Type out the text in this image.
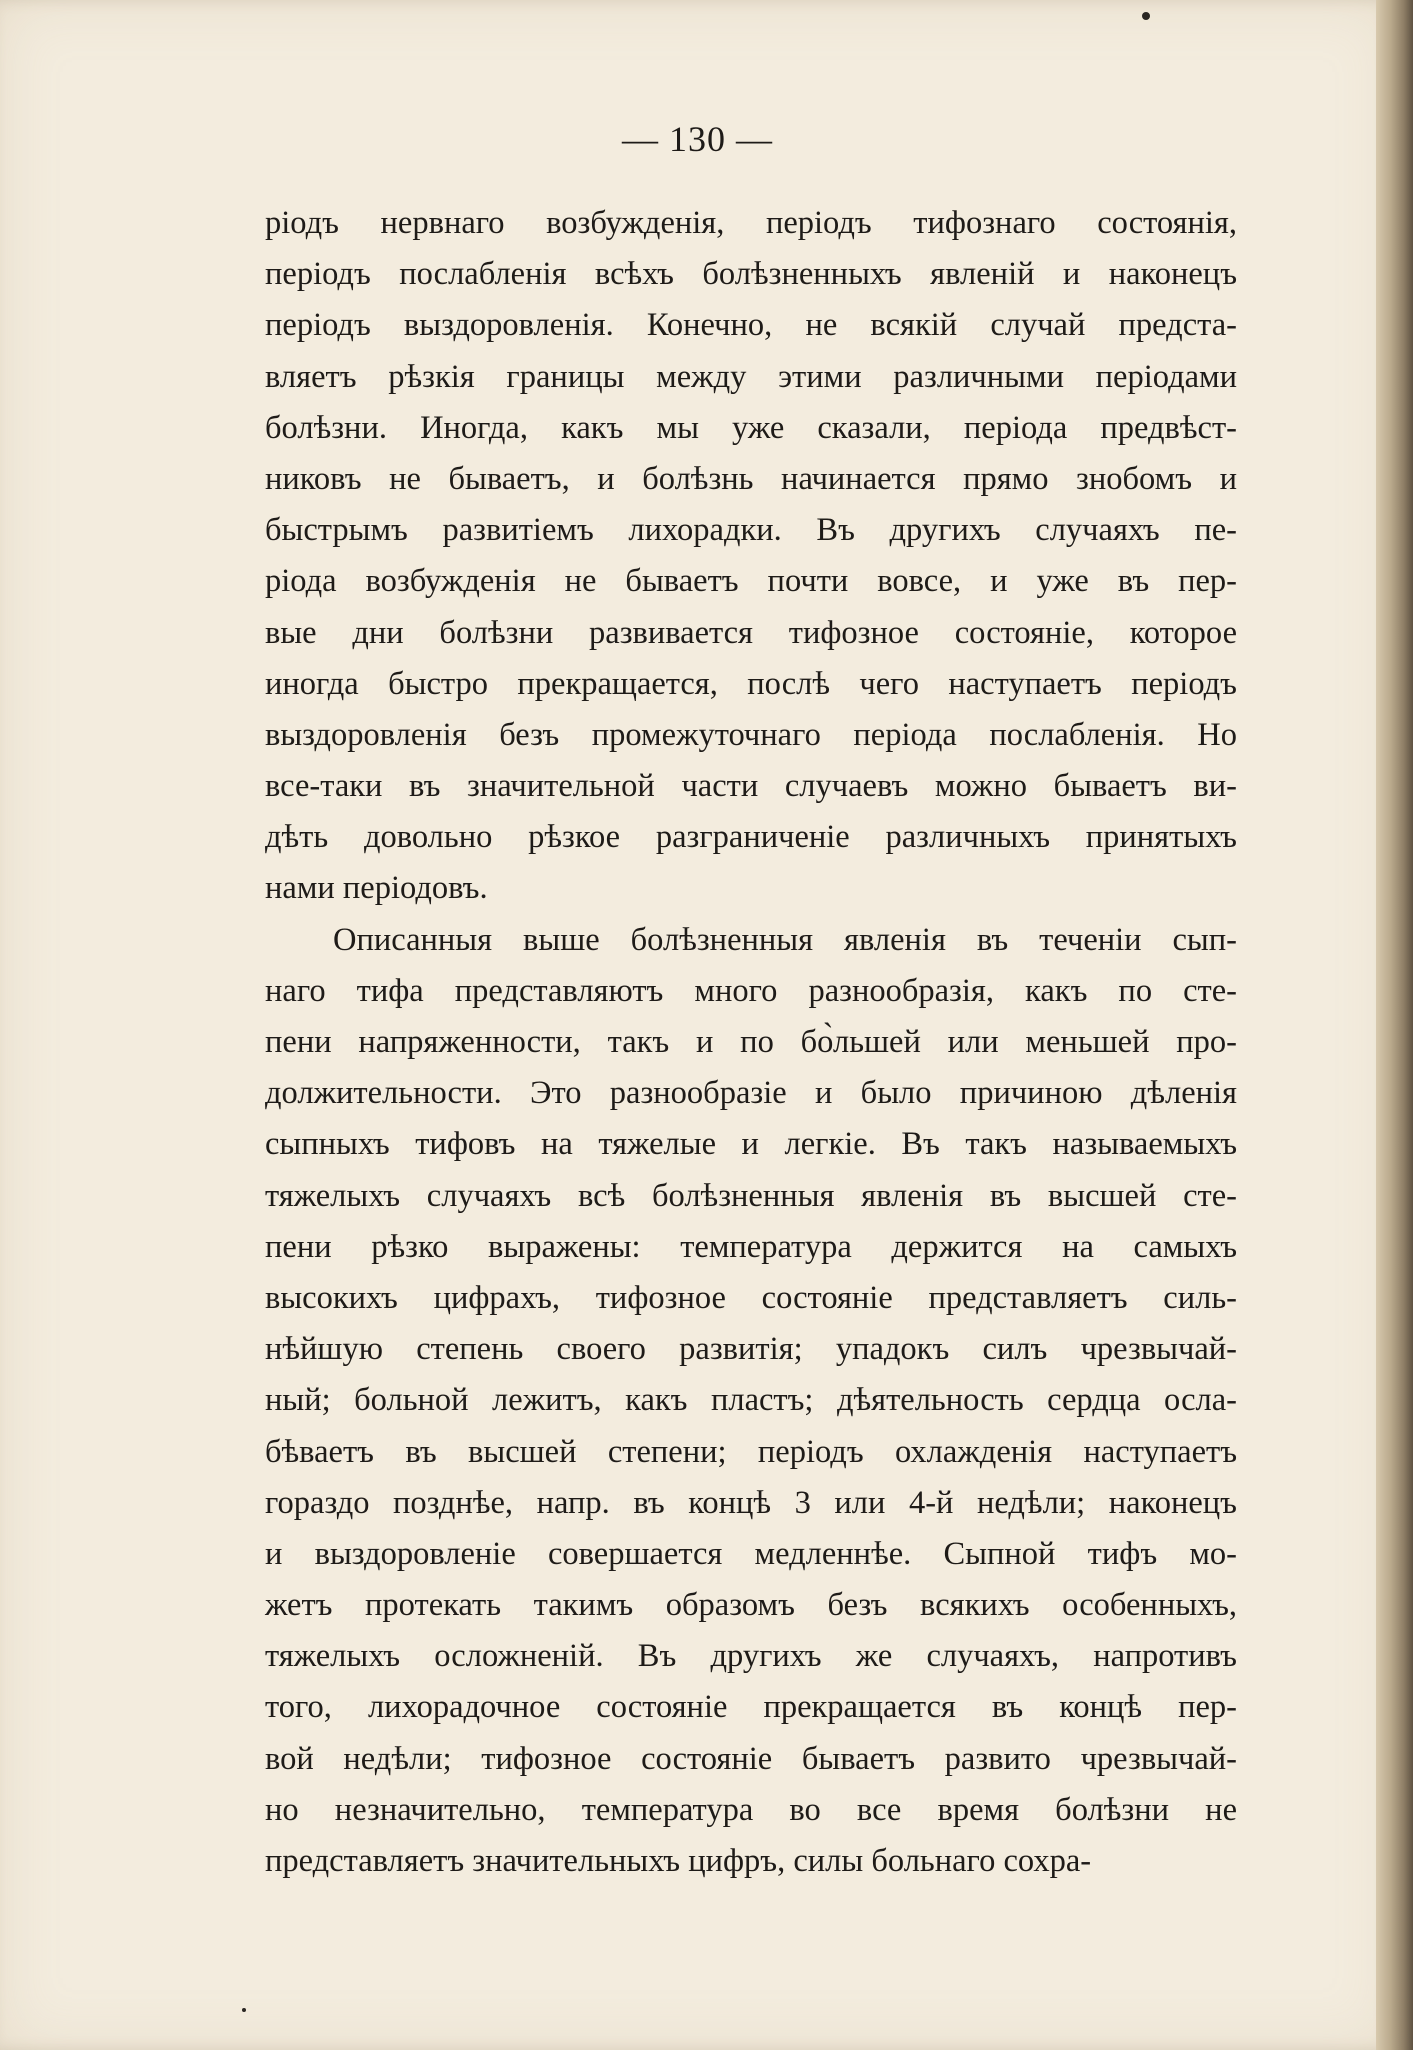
— 130 —
ріодъ нервнаго возбужденія, періодъ тифознаго состоянія,
періодъ послабленія всѣхъ болѣзненныхъ явленій и наконецъ
періодъ выздоровленія. Конечно, не всякій случай предста-
вляетъ рѣзкія границы между этими различными періодами
болѣзни. Иногда, какъ мы уже сказали, періода предвѣст-
никовъ не бываетъ, и болѣзнь начинается прямо знобомъ и
быстрымъ развитіемъ лихорадки. Въ другихъ случаяхъ пе-
ріода возбужденія не бываетъ почти вовсе, и уже въ пер-
вые дни болѣзни развивается тифозное состояніе, которое
иногда быстро прекращается, послѣ чего наступаетъ періодъ
выздоровленія безъ промежуточнаго періода послабленія. Но
все-таки въ значительной части случаевъ можно бываетъ ви-
дѣть довольно рѣзкое разграниченіе различныхъ принятыхъ
нами періодовъ.
Описанныя выше болѣзненныя явленія въ теченіи сып-
наго тифа представляютъ много разнообразія, какъ по сте-
пени напряженности, такъ и по бо̀льшей или меньшей про-
должительности. Это разнообразіе и было причиною дѣленія
сыпныхъ тифовъ на тяжелые и легкіе. Въ такъ называемыхъ
тяжелыхъ случаяхъ всѣ болѣзненныя явленія въ высшей сте-
пени рѣзко выражены: температура держится на самыхъ
высокихъ цифрахъ, тифозное состояніе представляетъ силь-
нѣйшую степень своего развитія; упадокъ силъ чрезвычай-
ный; больной лежитъ, какъ пластъ; дѣятельность сердца осла-
бѣваетъ въ высшей степени; періодъ охлажденія наступаетъ
гораздо позднѣе, напр. въ концѣ 3 или 4-й недѣли; наконецъ
и выздоровленіе совершается медленнѣе. Сыпной тифъ мо-
жетъ протекать такимъ образомъ безъ всякихъ особенныхъ,
тяжелыхъ осложненій. Въ другихъ же случаяхъ, напротивъ
того, лихорадочное состояніе прекращается въ концѣ пер-
вой недѣли; тифозное состояніе бываетъ развито чрезвычай-
но незначительно, температура во все время болѣзни не
представляетъ значительныхъ цифръ, силы больнаго сохра-
